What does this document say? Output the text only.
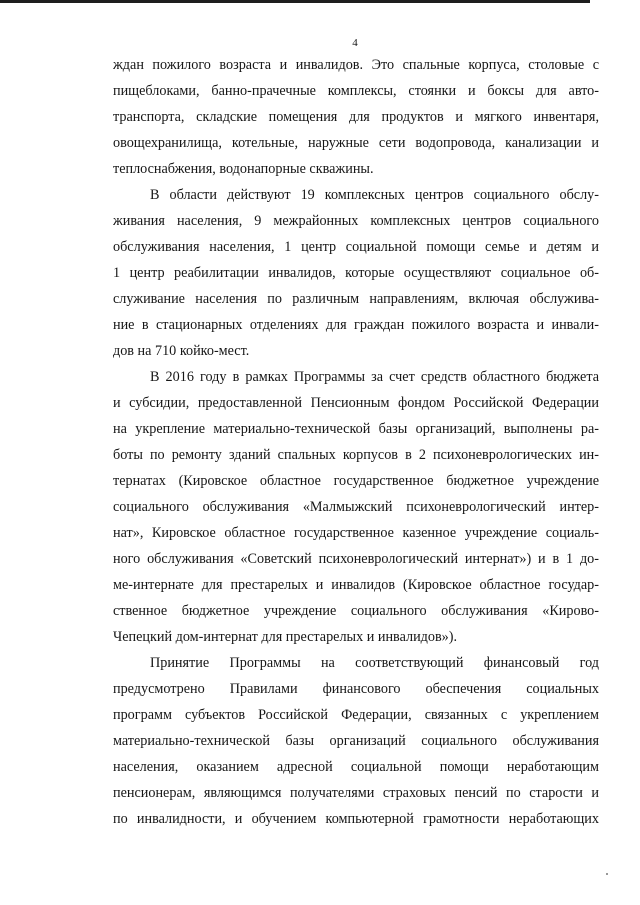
4
ждан пожилого возраста и инвалидов. Это спальные корпуса, столовые с
пищеблоками, банно-прачечные комплексы, стоянки и боксы для авто-
транспорта, складские помещения для продуктов и мягкого инвентаря,
овощехранилища, котельные, наружные сети водопровода, канализации и
теплоснабжения, водонапорные скважины.
В области действуют 19 комплексных центров социального обслу-
живания населения, 9 межрайонных комплексных центров социального
обслуживания населения, 1 центр социальной помощи семье и детям и
1 центр реабилитации инвалидов, которые осуществляют социальное об-
служивание населения по различным направлениям, включая обслужива-
ние в стационарных отделениях для граждан пожилого возраста и инвали-
дов на 710 койко-мест.
В 2016 году в рамках Программы за счет средств областного бюджета
и субсидии, предоставленной Пенсионным фондом Российской Федерации
на укрепление материально-технической базы организаций, выполнены ра-
боты по ремонту зданий спальных корпусов в 2 психоневрологических ин-
тернатах (Кировское областное государственное бюджетное учреждение
социального обслуживания «Малмыжский психоневрологический интер-
нат», Кировское областное государственное казенное учреждение социаль-
ного обслуживания «Советский психоневрологический интернат») и в 1 до-
ме-интернате для престарелых и инвалидов (Кировское областное государ-
ственное бюджетное учреждение социального обслуживания «Кирово-
Чепецкий дом-интернат для престарелых и инвалидов»).
Принятие Программы на соответствующий финансовый год
предусмотрено Правилами финансового обеспечения социальных
программ субъектов Российской Федерации, связанных с укреплением
материально-технической базы организаций социального обслуживания
населения, оказанием адресной социальной помощи неработающим
пенсионерам, являющимся получателями страховых пенсий по старости и
по инвалидности, и обучением компьютерной грамотности неработающих
